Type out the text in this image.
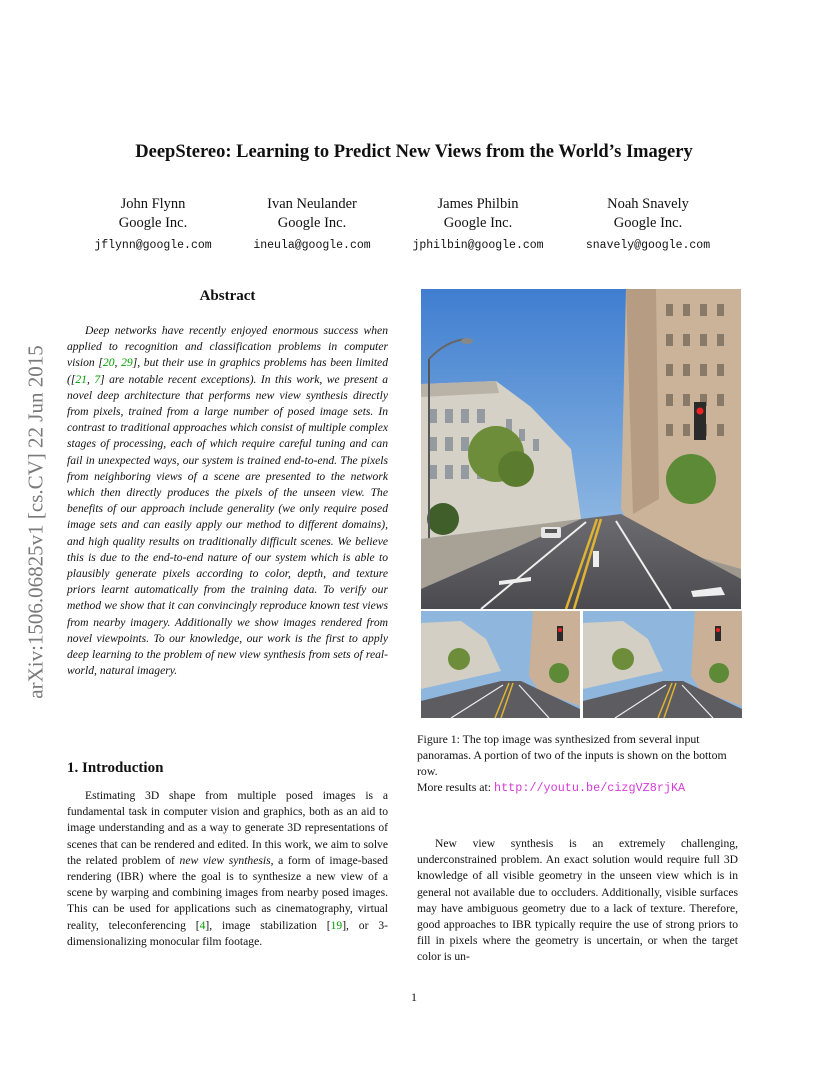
arXiv:1506.06825v1 [cs.CV] 22 Jun 2015
DeepStereo: Learning to Predict New Views from the World’s Imagery
John Flynn
Google Inc.
jflynn@google.com
Ivan Neulander
Google Inc.
ineula@google.com
James Philbin
Google Inc.
jphilbin@google.com
Noah Snavely
Google Inc.
snavely@google.com
Abstract
Deep networks have recently enjoyed enormous success when applied to recognition and classification problems in computer vision [20, 29], but their use in graphics problems has been limited ([21, 7] are notable recent exceptions). In this work, we present a novel deep architecture that performs new view synthesis directly from pixels, trained from a large number of posed image sets. In contrast to traditional approaches which consist of multiple complex stages of processing, each of which require careful tuning and can fail in unexpected ways, our system is trained end-to-end. The pixels from neighboring views of a scene are presented to the network which then directly produces the pixels of the unseen view. The benefits of our approach include generality (we only require posed image sets and can easily apply our method to different domains), and high quality results on traditionally difficult scenes. We believe this is due to the end-to-end nature of our system which is able to plausibly generate pixels according to color, depth, and texture priors learnt automatically from the training data. To verify our method we show that it can convincingly reproduce known test views from nearby imagery. Additionally we show images rendered from novel viewpoints. To our knowledge, our work is the first to apply deep learning to the problem of new view synthesis from sets of real-world, natural imagery.
1. Introduction
Estimating 3D shape from multiple posed images is a fundamental task in computer vision and graphics, both as an aid to image understanding and as a way to generate 3D representations of scenes that can be rendered and edited. In this work, we aim to solve the related problem of new view synthesis, a form of image-based rendering (IBR) where the goal is to synthesize a new view of a scene by warping and combining images from nearby posed images. This can be used for applications such as cinematography, virtual reality, teleconferencing [4], image stabilization [19], or 3-dimensionalizing monocular film footage.
Figure 1: The top image was synthesized from several input panoramas. A portion of two of the inputs is shown on the bottom row.
More results at: http://youtu.be/cizgVZ8rjKA
New view synthesis is an extremely challenging, underconstrained problem. An exact solution would require full 3D knowledge of all visible geometry in the unseen view which is in general not available due to occluders. Additionally, visible surfaces may have ambiguous geometry due to a lack of texture. Therefore, good approaches to IBR typically require the use of strong priors to fill in pixels where the geometry is uncertain, or when the target color is un-
1
